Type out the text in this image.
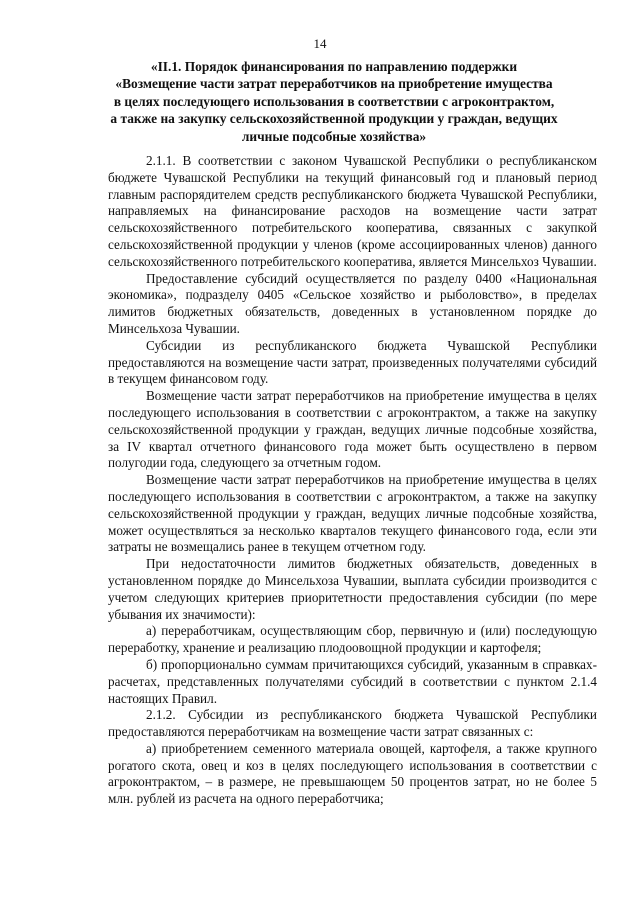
14
«II.1. Порядок финансирования по направлению поддержки
«Возмещение части затрат переработчиков на приобретение имущества
в целях последующего использования в соответствии с агроконтрактом,
а также на закупку сельскохозяйственной продукции у граждан, ведущих
личные подсобные хозяйства»

2.1.1. В соответствии с законом Чувашской Республики о республиканском бюджете Чувашской Республики на текущий финансовый год и плановый период главным распорядителем средств республиканского бюджета Чувашской Республики, направляемых на финансирование расходов на возмещение части затрат сельскохозяйственного потребительского кооператива, связанных с закупкой сельскохозяйственной продукции у членов (кроме ассоциированных членов) данного сельскохозяйственного потребительского кооператива, является Минсельхоз Чувашии.

Предоставление субсидий осуществляется по разделу 0400 «Национальная экономика», подразделу 0405 «Сельское хозяйство и рыболовство», в пределах лимитов бюджетных обязательств, доведенных в установленном порядке до Минсельхоза Чувашии.

Субсидии из республиканского бюджета Чувашской Республики предоставляются на возмещение части затрат, произведенных получателями субсидий в текущем финансовом году.

Возмещение части затрат переработчиков на приобретение имущества в целях последующего использования в соответствии с агроконтрактом, а также на закупку сельскохозяйственной продукции у граждан, ведущих личные подсобные хозяйства, за IV квартал отчетного финансового года может быть осуществлено в первом полугодии года, следующего за отчетным годом.

Возмещение части затрат переработчиков на приобретение имущества в целях последующего использования в соответствии с агроконтрактом, а также на закупку сельскохозяйственной продукции у граждан, ведущих личные подсобные хозяйства, может осуществляться за несколько кварталов текущего финансового года, если эти затраты не возмещались ранее в текущем отчетном году.

При недостаточности лимитов бюджетных обязательств, доведенных в установленном порядке до Минсельхоза Чувашии, выплата субсидии производится с учетом следующих критериев приоритетности предоставления субсидии (по мере убывания их значимости):

а) переработчикам, осуществляющим сбор, первичную и (или) последующую переработку, хранение и реализацию плодоовощной продукции и картофеля;

б) пропорционально суммам причитающихся субсидий, указанным в справках-расчетах, представленных получателями субсидий в соответствии с пунктом 2.1.4 настоящих Правил.

2.1.2. Субсидии из республиканского бюджета Чувашской Республики предоставляются переработчикам на возмещение части затрат связанных с:

а) приобретением семенного материала овощей, картофеля, а также крупного рогатого скота, овец и коз в целях последующего использования в соответствии с агроконтрактом, – в размере, не превышающем 50 процентов затрат, но не более 5 млн. рублей из расчета на одного переработчика;
